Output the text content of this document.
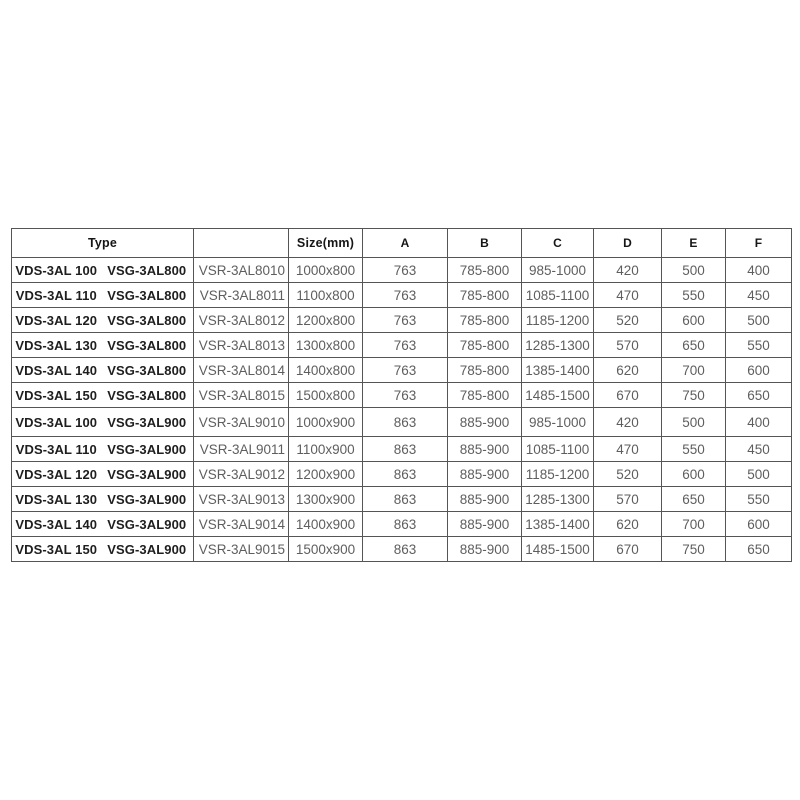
Type			Size(mm)	A	B	C	D	E	F
VDS-3AL 100	VSG-3AL800	VSR-3AL8010	1000x800	763	785-800	985-1000	420	500	400
VDS-3AL 110	VSG-3AL800	VSR-3AL8011	1100x800	763	785-800	1085-1100	470	550	450
VDS-3AL 120	VSG-3AL800	VSR-3AL8012	1200x800	763	785-800	1185-1200	520	600	500
VDS-3AL 130	VSG-3AL800	VSR-3AL8013	1300x800	763	785-800	1285-1300	570	650	550
VDS-3AL 140	VSG-3AL800	VSR-3AL8014	1400x800	763	785-800	1385-1400	620	700	600
VDS-3AL 150	VSG-3AL800	VSR-3AL8015	1500x800	763	785-800	1485-1500	670	750	650
VDS-3AL 100	VSG-3AL900	VSR-3AL9010	1000x900	863	885-900	985-1000	420	500	400
VDS-3AL 110	VSG-3AL900	VSR-3AL9011	1100x900	863	885-900	1085-1100	470	550	450
VDS-3AL 120	VSG-3AL900	VSR-3AL9012	1200x900	863	885-900	1185-1200	520	600	500
VDS-3AL 130	VSG-3AL900	VSR-3AL9013	1300x900	863	885-900	1285-1300	570	650	550
VDS-3AL 140	VSG-3AL900	VSR-3AL9014	1400x900	863	885-900	1385-1400	620	700	600
VDS-3AL 150	VSG-3AL900	VSR-3AL9015	1500x900	863	885-900	1485-1500	670	750	650
